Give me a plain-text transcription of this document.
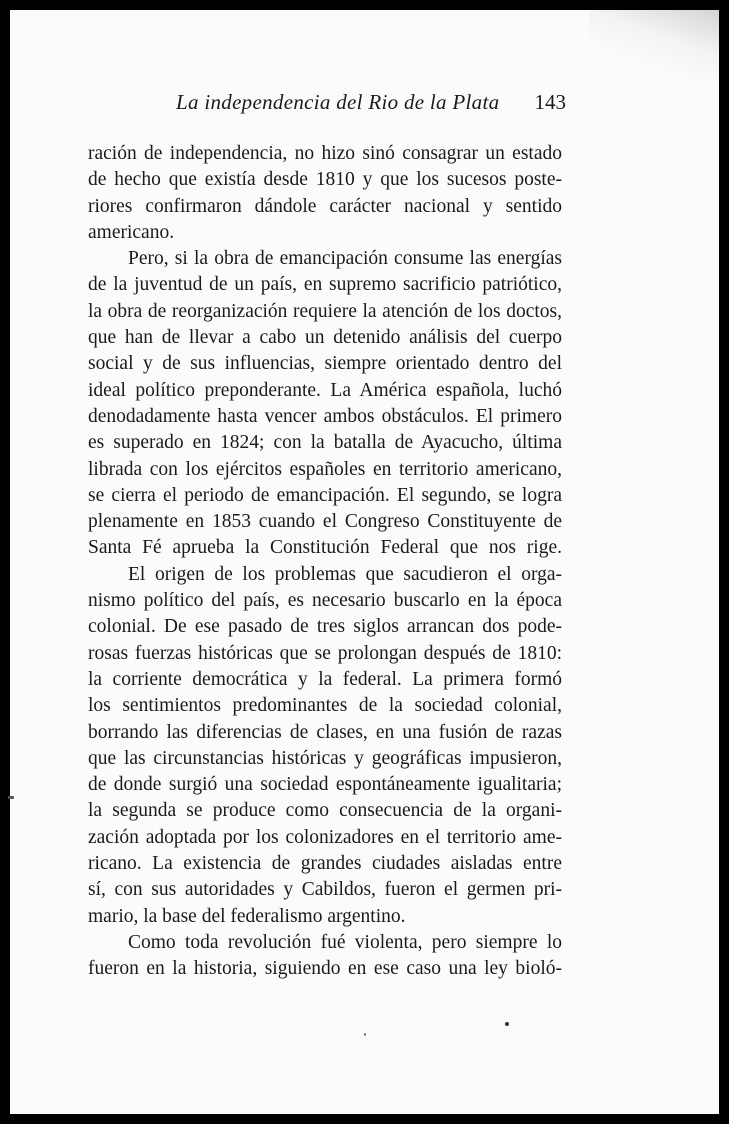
La independencia del Rio de la Plata 143
ración de independencia, no hizo sinó consagrar un estado
de hecho que existía desde 1810 y que los sucesos poste-
riores confirmaron dándole carácter nacional y sentido
americano.
Pero, si la obra de emancipación consume las energías
de la juventud de un país, en supremo sacrificio patriótico,
la obra de reorganización requiere la atención de los doctos,
que han de llevar a cabo un detenido análisis del cuerpo
social y de sus influencias, siempre orientado dentro del
ideal político preponderante. La América española, luchó
denodadamente hasta vencer ambos obstáculos. El primero
es superado en 1824; con la batalla de Ayacucho, última
librada con los ejércitos españoles en territorio americano,
se cierra el periodo de emancipación. El segundo, se logra
plenamente en 1853 cuando el Congreso Constituyente de
Santa Fé aprueba la Constitución Federal que nos rige.
El origen de los problemas que sacudieron el orga-
nismo político del país, es necesario buscarlo en la época
colonial. De ese pasado de tres siglos arrancan dos pode-
rosas fuerzas históricas que se prolongan después de 1810:
la corriente democrática y la federal. La primera formó
los sentimientos predominantes de la sociedad colonial,
borrando las diferencias de clases, en una fusión de razas
que las circunstancias históricas y geográficas impusieron,
de donde surgió una sociedad espontáneamente igualitaria;
la segunda se produce como consecuencia de la organi-
zación adoptada por los colonizadores en el territorio ame-
ricano. La existencia de grandes ciudades aisladas entre
sí, con sus autoridades y Cabildos, fueron el germen pri-
mario, la base del federalismo argentino.
Como toda revolución fué violenta, pero siempre lo
fueron en la historia, siguiendo en ese caso una ley bioló-
